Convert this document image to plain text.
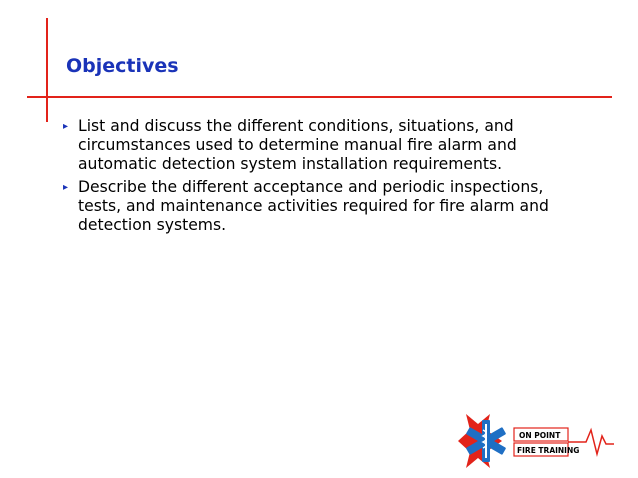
Objectives
▸ List and discuss the different conditions, situations, and
circumstances used to determine manual fire alarm and
automatic detection system installation requirements.
▸ Describe the different acceptance and periodic inspections,
tests, and maintenance activities required for fire alarm and
detection systems.
ON POINT
FIRE TRAINING
